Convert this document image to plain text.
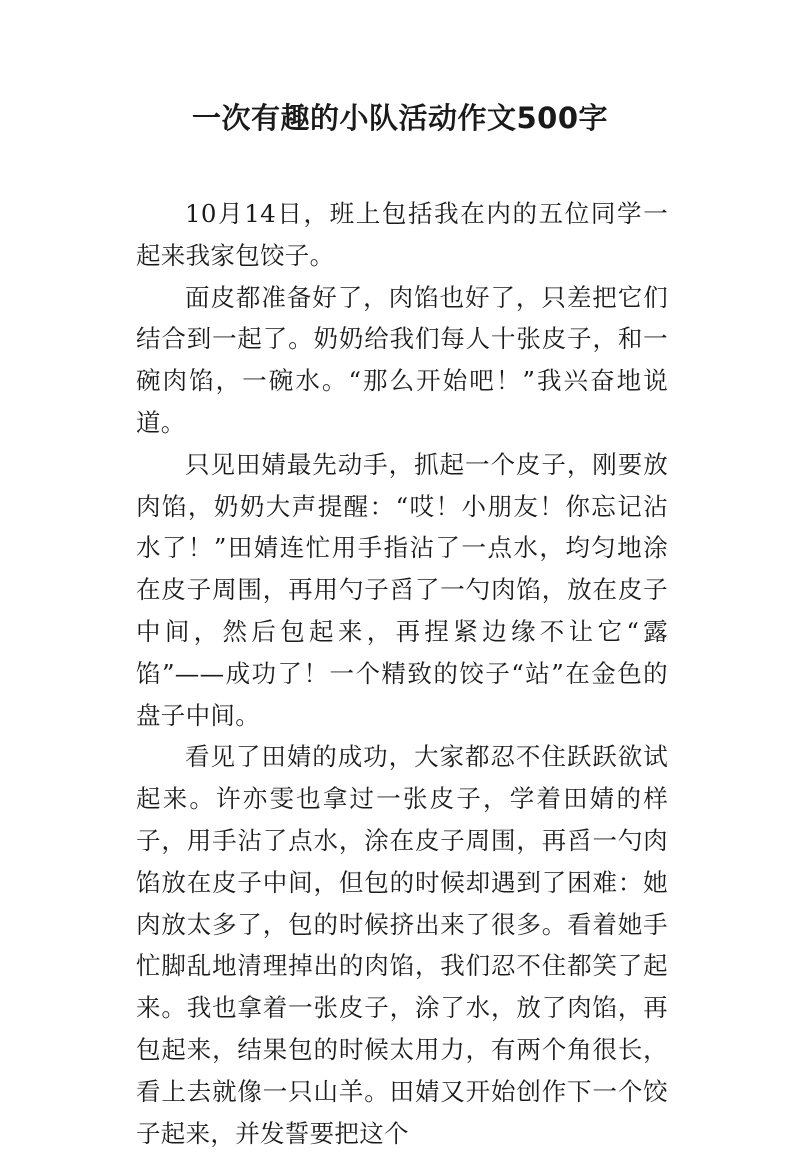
一次有趣的小队活动作文500字

10月14日，班上包括我在内的五位同学一起来我家包饺子。

面皮都准备好了，肉馅也好了，只差把它们结合到一起了。奶奶给我们每人十张皮子，和一碗肉馅，一碗水。“那么开始吧！”我兴奋地说道。

只见田婧最先动手，抓起一个皮子，刚要放肉馅，奶奶大声提醒：“哎！小朋友！你忘记沾水了！”田婧连忙用手指沾了一点水，均匀地涂在皮子周围，再用勺子舀了一勺肉馅，放在皮子中间，然后包起来，再捏紧边缘不让它“露馅”——成功了！一个精致的饺子“站”在金色的盘子中间。

看见了田婧的成功，大家都忍不住跃跃欲试起来。许亦雯也拿过一张皮子，学着田婧的样子，用手沾了点水，涂在皮子周围，再舀一勺肉馅放在皮子中间，但包的时候却遇到了困难：她肉放太多了，包的时候挤出来了很多。看着她手忙脚乱地清理掉出的肉馅，我们忍不住都笑了起来。我也拿着一张皮子，涂了水，放了肉馅，再包起来，结果包的时候太用力，有两个角很长，看上去就像一只山羊。田婧又开始创作下一个饺子起来，并发誓要把这个
